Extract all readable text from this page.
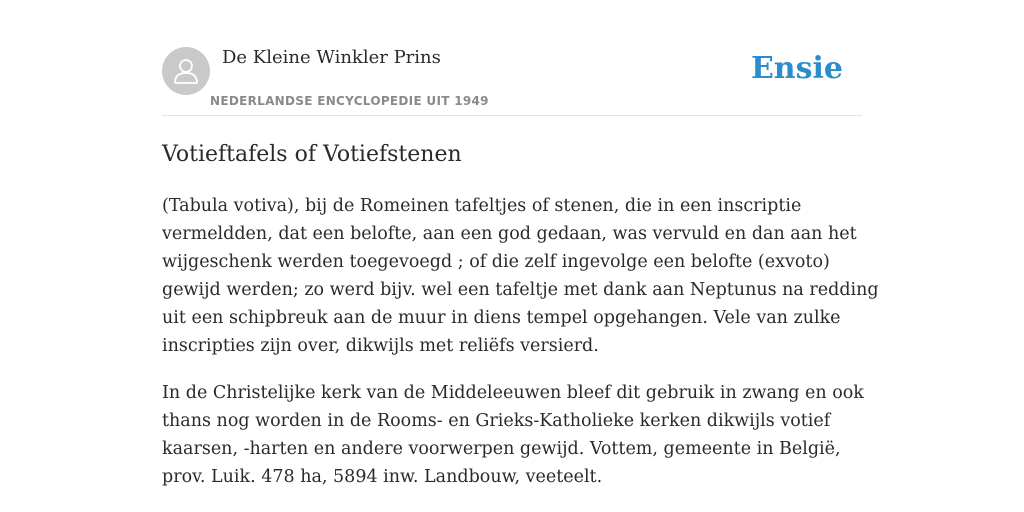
De Kleine Winkler Prins
NEDERLANDSE ENCYCLOPEDIE UIT 1949
Ensie
Votieftafels of Votiefstenen

(Tabula votiva), bij de Romeinen tafeltjes of stenen, die in een inscriptie
vermeldden, dat een belofte, aan een god gedaan, was vervuld en dan aan het
wijgeschenk werden toegevoegd ; of die zelf ingevolge een belofte (exvoto)
gewijd werden; zo werd bijv. wel een tafeltje met dank aan Neptunus na redding
uit een schipbreuk aan de muur in diens tempel opgehangen. Vele van zulke
inscripties zijn over, dikwijls met reliëfs versierd.

In de Christelijke kerk van de Middeleeuwen bleef dit gebruik in zwang en ook
thans nog worden in de Rooms- en Grieks-Katholieke kerken dikwijls votief
kaarsen, -harten en andere voorwerpen gewijd. Vottem, gemeente in België,
prov. Luik. 478 ha, 5894 inw. Landbouw, veeteelt.
